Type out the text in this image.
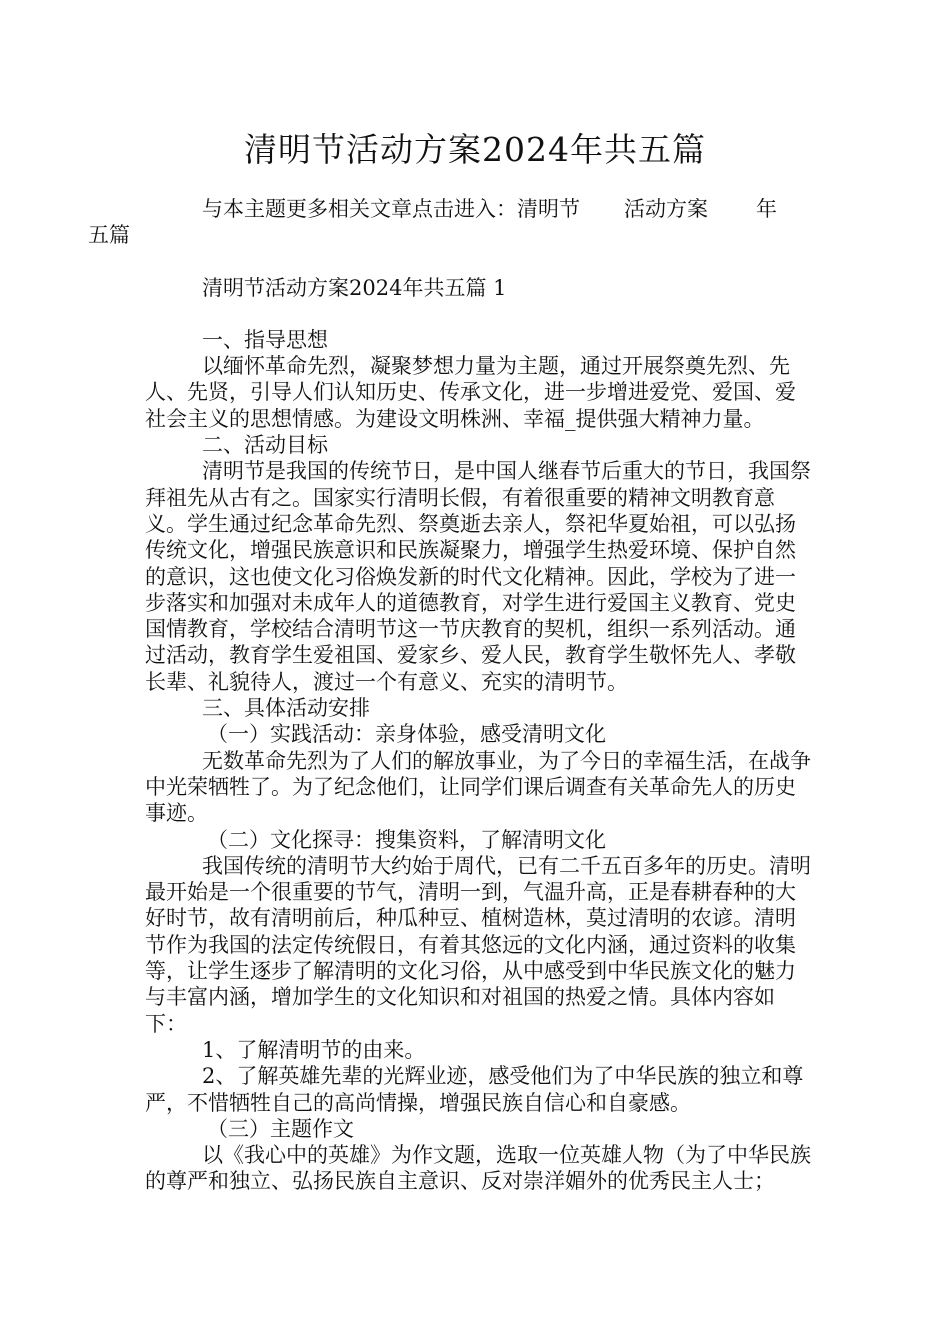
清明节活动方案2024年共五篇

与本主题更多相关文章点击进入：清明节 活动方案 年
五篇

清明节活动方案2024年共五篇 1

一、指导思想

以缅怀革命先烈，凝聚梦想力量为主题，通过开展祭奠先烈、先人、先贤，引导人们认知历史、传承文化，进一步增进爱党、爱国、爱社会主义的思想情感。为建设文明株洲、幸福_提供强大精神力量。

二、活动目标

清明节是我国的传统节日，是中国人继春节后重大的节日，我国祭拜祖先从古有之。国家实行清明长假，有着很重要的精神文明教育意义。学生通过纪念革命先烈、祭奠逝去亲人，祭祀华夏始祖，可以弘扬传统文化，增强民族意识和民族凝聚力，增强学生热爱环境、保护自然的意识，这也使文化习俗焕发新的时代文化精神。因此，学校为了进一步落实和加强对未成年人的道德教育，对学生进行爱国主义教育、党史国情教育，学校结合清明节这一节庆教育的契机，组织一系列活动。通过活动，教育学生爱祖国、爱家乡、爱人民，教育学生敬怀先人、孝敬长辈、礼貌待人，渡过一个有意义、充实的清明节。

三、具体活动安排

（一）实践活动：亲身体验，感受清明文化

无数革命先烈为了人们的解放事业，为了今日的幸福生活，在战争中光荣牺牲了。为了纪念他们，让同学们课后调查有关革命先人的历史事迹。

（二）文化探寻：搜集资料，了解清明文化

我国传统的清明节大约始于周代，已有二千五百多年的历史。清明最开始是一个很重要的节气，清明一到，气温升高，正是春耕春种的大好时节，故有清明前后，种瓜种豆、植树造林，莫过清明的农谚。清明节作为我国的法定传统假日，有着其悠远的文化内涵，通过资料的收集等，让学生逐步了解清明的文化习俗，从中感受到中华民族文化的魅力与丰富内涵，增加学生的文化知识和对祖国的热爱之情。具体内容如下：

1、了解清明节的由来。

2、了解英雄先辈的光辉业迹，感受他们为了中华民族的独立和尊严，不惜牺牲自己的高尚情操，增强民族自信心和自豪感。

（三）主题作文

以《我心中的英雄》为作文题，选取一位英雄人物（为了中华民族的尊严和独立、弘扬民族自主意识、反对崇洋媚外的优秀民主人士；
